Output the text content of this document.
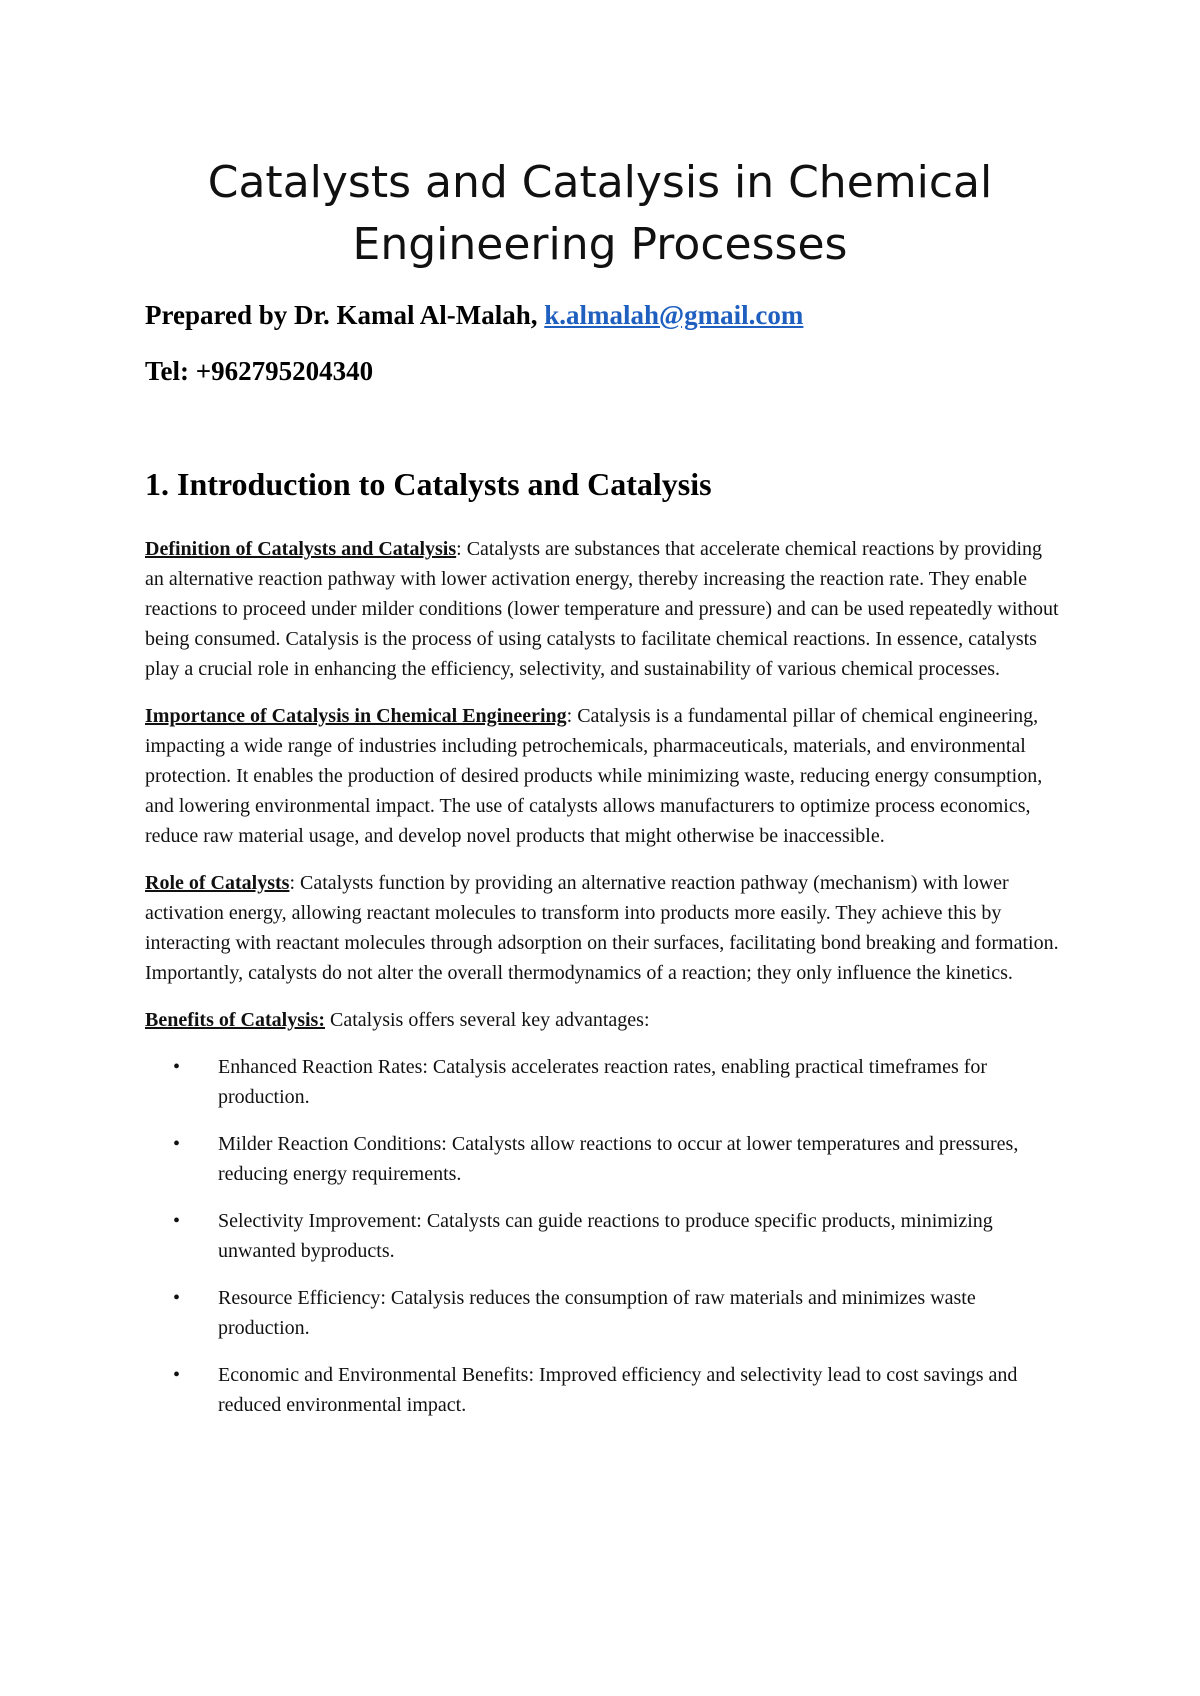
Catalysts and Catalysis in Chemical Engineering Processes
Prepared by Dr. Kamal Al-Malah, k.almalah@gmail.com
Tel: +962795204340
1. Introduction to Catalysts and Catalysis

Definition of Catalysts and Catalysis: Catalysts are substances that accelerate chemical reactions by providing an alternative reaction pathway with lower activation energy, thereby increasing the reaction rate. They enable reactions to proceed under milder conditions (lower temperature and pressure) and can be used repeatedly without being consumed. Catalysis is the process of using catalysts to facilitate chemical reactions. In essence, catalysts play a crucial role in enhancing the efficiency, selectivity, and sustainability of various chemical processes.

Importance of Catalysis in Chemical Engineering: Catalysis is a fundamental pillar of chemical engineering, impacting a wide range of industries including petrochemicals, pharmaceuticals, materials, and environmental protection. It enables the production of desired products while minimizing waste, reducing energy consumption, and lowering environmental impact. The use of catalysts allows manufacturers to optimize process economics, reduce raw material usage, and develop novel products that might otherwise be inaccessible.

Role of Catalysts: Catalysts function by providing an alternative reaction pathway (mechanism) with lower activation energy, allowing reactant molecules to transform into products more easily. They achieve this by interacting with reactant molecules through adsorption on their surfaces, facilitating bond breaking and formation. Importantly, catalysts do not alter the overall thermodynamics of a reaction; they only influence the kinetics.

Benefits of Catalysis: Catalysis offers several key advantages:

• Enhanced Reaction Rates: Catalysis accelerates reaction rates, enabling practical timeframes for production.
• Milder Reaction Conditions: Catalysts allow reactions to occur at lower temperatures and pressures, reducing energy requirements.
• Selectivity Improvement: Catalysts can guide reactions to produce specific products, minimizing unwanted byproducts.
• Resource Efficiency: Catalysis reduces the consumption of raw materials and minimizes waste production.
• Economic and Environmental Benefits: Improved efficiency and selectivity lead to cost savings and reduced environmental impact.
